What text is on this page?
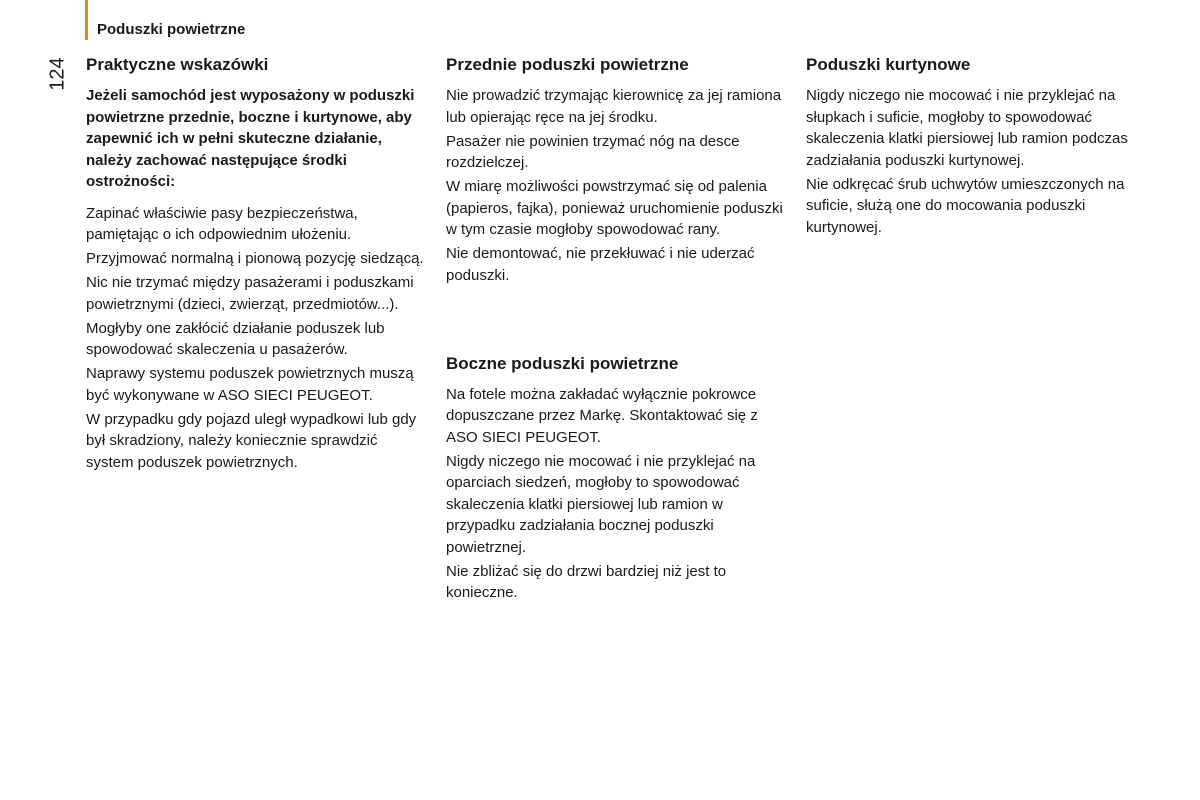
Poduszki powietrzne
124 Praktyczne wskazówki
Jeżeli samochód jest wyposażony w poduszki powietrzne przednie, boczne i kurtynowe, aby zapewnić ich w pełni skuteczne działanie, należy zachować następujące środki ostrożności:
Zapinać właściwie pasy bezpieczeństwa, pamiętając o ich odpowiednim ułożeniu.
Przyjmować normalną i pionową pozycję siedzącą.
Nic nie trzymać między pasażerami i poduszkami powietrznymi (dzieci, zwierząt, przedmiotów...).
Mogłyby one zakłócić działanie poduszek lub spowodować skaleczenia u pasażerów.
Naprawy systemu poduszek powietrznych muszą być wykonywane w ASO SIECI PEUGEOT.
W przypadku gdy pojazd uległ wypadkowi lub gdy był skradziony, należy koniecznie sprawdzić system poduszek powietrznych.
Przednie poduszki powietrzne
Nie prowadzić trzymając kierownicę za jej ramiona lub opierając ręce na jej środku.
Pasażer nie powinien trzymać nóg na desce rozdzielczej.
W miarę możliwości powstrzymać się od palenia (papieros, fajka), ponieważ uruchomienie poduszki w tym czasie mogłoby spowodować rany.
Nie demontować, nie przekłuwać i nie uderzać poduszki.
Boczne poduszki powietrzne
Na fotele można zakładać wyłącznie pokrowce dopuszczane przez Markę. Skontaktować się z ASO SIECI PEUGEOT.
Nigdy niczego nie mocować i nie przyklejać na oparciach siedzeń, mogłoby to spowodować skaleczenia klatki piersiowej lub ramion w przypadku zadziałania bocznej poduszki powietrznej.
Nie zbliżać się do drzwi bardziej niż jest to konieczne.
Poduszki kurtynowe
Nigdy niczego nie mocować i nie przyklejać na słupkach i suficie, mogłoby to spowodować skaleczenia klatki piersiowej lub ramion podczas zadziałania poduszki kurtynowej.
Nie odkręcać śrub uchwytów umieszczonych na suficie, służą one do mocowania poduszki kurtynowej.
